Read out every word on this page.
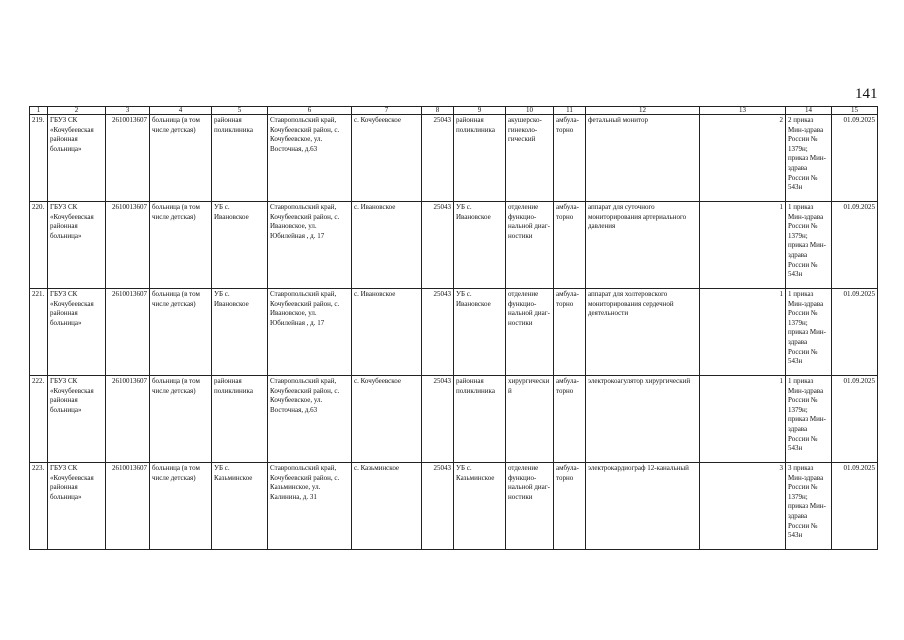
141
1	2	3	4	5	6	7	8	9	10	11	12	13	14	15
219.	ГБУЗ СК «Кочубеевская районная больница»	2610013607	больница (в том числе детская)	районная поликлиника	Ставропольский край, Кочубеевский район, с. Кочубеевское, ул. Восточная, д.63	с. Кочубеевское	25043	районная поликлиника	акушерско-гинеколо-гический	амбула-торно	фетальный монитор	2	2 приказ Мин-здрава России № 1379н; приказ Мин-здрава России № 543н	01.09.2025
220.	ГБУЗ СК «Кочубеевская районная больница»	2610013607	больница (в том числе детская)	УБ с. Ивановское	Ставропольский край, Кочубеевский район, с. Ивановское, ул. Юбилейная , д. 17	с. Ивановское	25043	УБ с. Ивановское	отделение функцио-нальной диаг-ностики	амбула-торно	аппарат для суточного мониторирования артериального давления	1	1 приказ Мин-здрава России № 1379н; приказ Мин-здрава России № 543н	01.09.2025
221.	ГБУЗ СК «Кочубеевская районная больница»	2610013607	больница (в том числе детская)	УБ с. Ивановское	Ставропольский край, Кочубеевский район, с. Ивановское, ул. Юбилейная , д. 17	с. Ивановское	25043	УБ с. Ивановское	отделение функцио-нальной диаг-ностики	амбула-торно	аппарат для холтеровского мониторирования сердечной деятельности	1	1 приказ Мин-здрава России № 1379н; приказ Мин-здрава России № 543н	01.09.2025
222.	ГБУЗ СК «Кочубеевская районная больница»	2610013607	больница (в том числе детская)	районная поликлиника	Ставропольский край, Кочубеевский район, с. Кочубеевское, ул. Восточная, д.63	с. Кочубеевское	25043	районная поликлиника	хирургический	амбула-торно	электрокоагулятор хирургический	1	1 приказ Мин-здрава России № 1379н; приказ Мин-здрава России № 543н	01.09.2025
223.	ГБУЗ СК «Кочубеевская районная больница»	2610013607	больница (в том числе детская)	УБ с. Казьминское	Ставропольский край, Кочубеевский район, с. Казьминское, ул. Калинина, д. 31	с. Казьминское	25043	УБ с. Казьминское	отделение функцио-нальной диаг-ностики	амбула-торно	электрокардиограф 12-канальный	3	3 приказ Мин-здрава России № 1379н; приказ Мин-здрава России № 543н	01.09.2025
